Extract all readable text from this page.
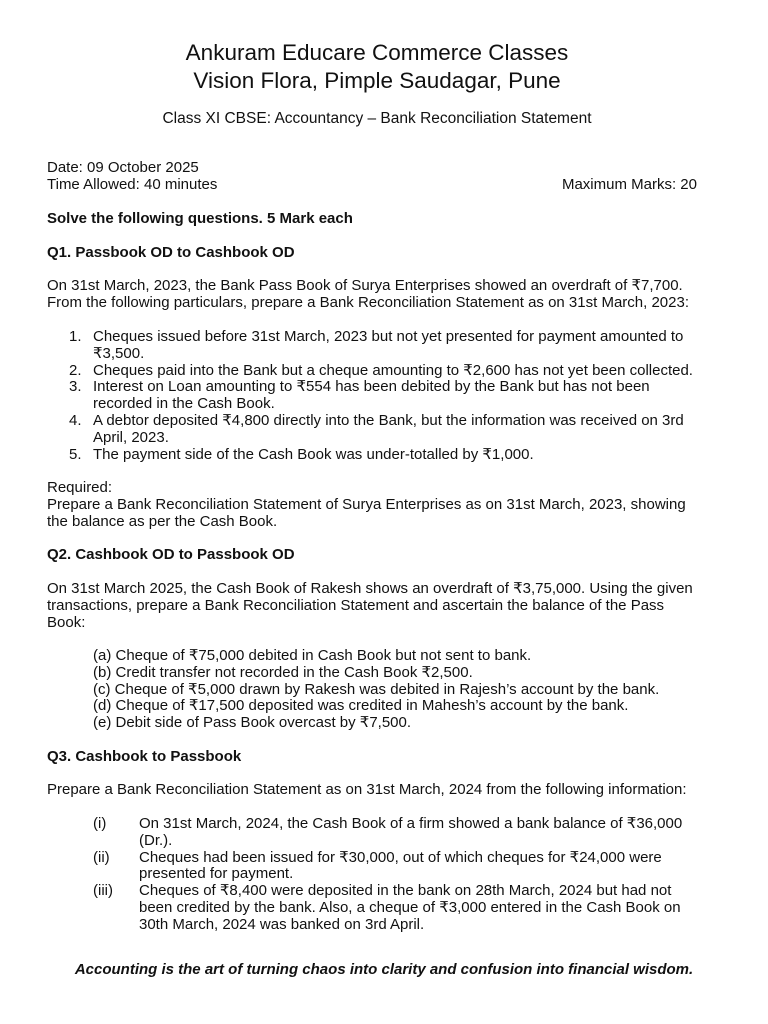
Ankuram Educare Commerce Classes
Vision Flora, Pimple Saudagar, Pune
Class XI CBSE: Accountancy – Bank Reconciliation Statement
Date: 09 October 2025
Time Allowed: 40 minutes	Maximum Marks: 20
Solve the following questions. 5 Mark each
Q1. Passbook OD to Cashbook OD
On 31st March, 2023, the Bank Pass Book of Surya Enterprises showed an overdraft of ₹7,700.
From the following particulars, prepare a Bank Reconciliation Statement as on 31st March, 2023:
1. Cheques issued before 31st March, 2023 but not yet presented for payment amounted to
₹3,500.
2. Cheques paid into the Bank but a cheque amounting to ₹2,600 has not yet been collected.
3. Interest on Loan amounting to ₹554 has been debited by the Bank but has not been
recorded in the Cash Book.
4. A debtor deposited ₹4,800 directly into the Bank, but the information was received on 3rd
April, 2023.
5. The payment side of the Cash Book was under-totalled by ₹1,000.
Required:
Prepare a Bank Reconciliation Statement of Surya Enterprises as on 31st March, 2023, showing
the balance as per the Cash Book.
Q2. Cashbook OD to Passbook OD
On 31st March 2025, the Cash Book of Rakesh shows an overdraft of ₹3,75,000. Using the given
transactions, prepare a Bank Reconciliation Statement and ascertain the balance of the Pass
Book:
(a) Cheque of ₹75,000 debited in Cash Book but not sent to bank.
(b) Credit transfer not recorded in the Cash Book ₹2,500.
(c) Cheque of ₹5,000 drawn by Rakesh was debited in Rajesh’s account by the bank.
(d) Cheque of ₹17,500 deposited was credited in Mahesh’s account by the bank.
(e) Debit side of Pass Book overcast by ₹7,500.
Q3. Cashbook to Passbook
Prepare a Bank Reconciliation Statement as on 31st March, 2024 from the following information:
(i) On 31st March, 2024, the Cash Book of a firm showed a bank balance of ₹36,000
(Dr.).
(ii) Cheques had been issued for ₹30,000, out of which cheques for ₹24,000 were
presented for payment.
(iii) Cheques of ₹8,400 were deposited in the bank on 28th March, 2024 but had not
been credited by the bank. Also, a cheque of ₹3,000 entered in the Cash Book on
30th March, 2024 was banked on 3rd April.
Accounting is the art of turning chaos into clarity and confusion into financial wisdom.
